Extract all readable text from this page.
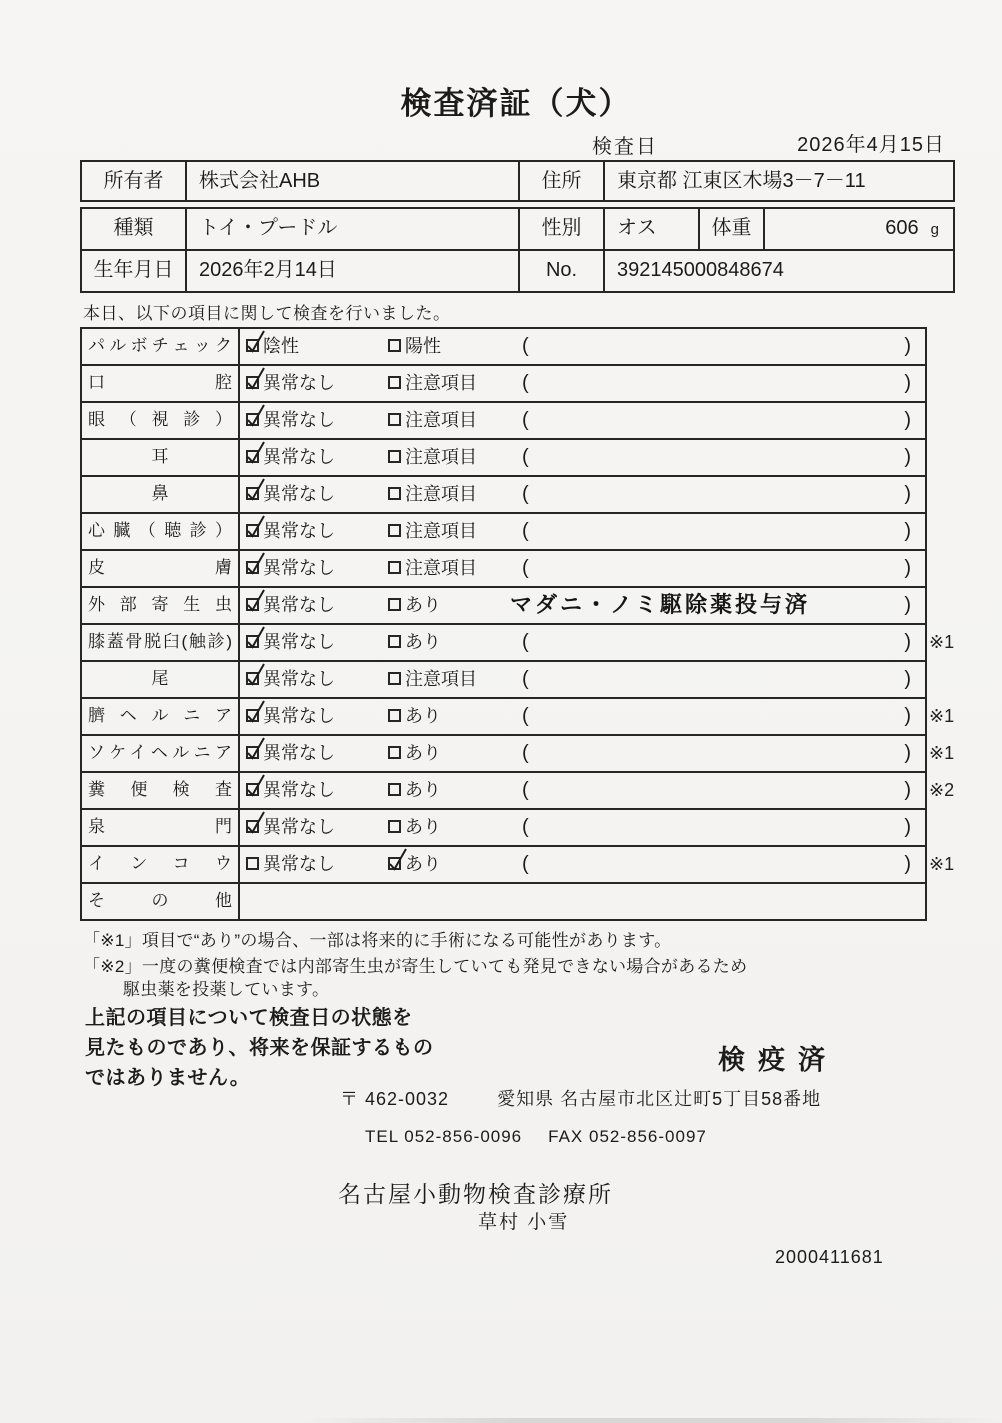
検査済証（犬）
検査日	2026年4月15日
所有者	株式会社AHB	住所	東京都 江東区木場3－7－11
種類	トイ・プードル	性別	オス	体重	606 g
生年月日	2026年2月14日	No.	392145000848674
本日、以下の項目に関して検査を行いました。
パルボチェック	陰性	陽性	(	)
口腔	異常なし	注意項目 (	)
眼（視診）	異常なし	注意項目 (	)
耳	異常なし	注意項目 (	)
鼻	異常なし	注意項目 (	)
心臓（聴診）	異常なし	注意項目 (	)
皮膚	異常なし	注意項目 (	)
外部寄生虫	異常なし	あり	マダニ・ノミ駆除薬投与済	)
膝蓋骨脱臼(触診)	異常なし	あり	(	) ※1
尾	異常なし	注意項目 (	)
臍ヘルニア	異常なし	あり	(	) ※1
ソケイヘルニア	異常なし	あり	(	) ※1
糞便検査	異常なし	あり	(	) ※2
泉門	異常なし	あり	(	)
インコウ	異常なし	あり	(	) ※1
その他
「※1」項目で“あり”の場合、一部は将来的に手術になる可能性があります。
「※2」一度の糞便検査では内部寄生虫が寄生していても発見できない場合があるため
駆虫薬を投薬しています。
上記の項目について検査日の状態を
見たものであり、将来を保証するもの
ではありません。
検疫済
〒 462-0032	愛知県 名古屋市北区辻町5丁目58番地
TEL 052-856-0096 FAX 052-856-0097
名古屋小動物検査診療所
草村 小雪
2000411681
